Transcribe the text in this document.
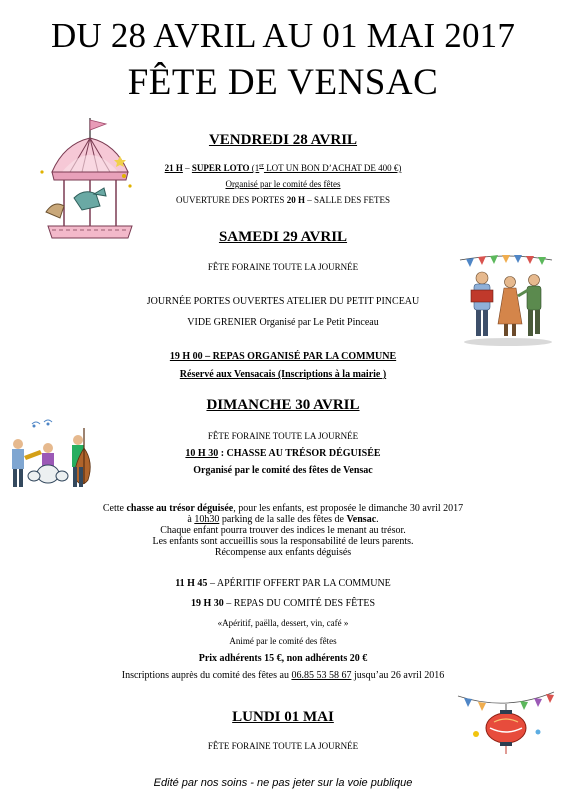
DU 28 AVRIL AU 01 MAI 2017
FÊTE DE VENSAC
VENDREDI 28 AVRIL
21 H – SUPER LOTO (1er LOT UN BON D’ACHAT DE 400 €)
Organisé par le comité des fêtes
OUVERTURE DES PORTES 20 H – SALLE DES FETES
SAMEDI 29 AVRIL
FÊTE FORAINE TOUTE LA JOURNÉE
JOURNÉE PORTES OUVERTES ATELIER DU PETIT PINCEAU
VIDE GRENIER Organisé par Le Petit Pinceau
19 H 00 – REPAS ORGANISÉ PAR LA COMMUNE
Réservé aux Vensacais (Inscriptions à la mairie )
DIMANCHE 30 AVRIL
FÊTE FORAINE TOUTE LA JOURNÉE
10 H 30 : CHASSE AU TRÉSOR DÉGUISÉE
Organisé par le comité des fêtes de Vensac
Cette chasse au trésor déguisée, pour les enfants, est proposée le dimanche 30 avril 2017
à 10h30 parking de la salle des fêtes de Vensac.
Chaque enfant pourra trouver des indices le menant au trésor.
Les enfants sont accueillis sous la responsabilité de leurs parents.
Récompense aux enfants déguisés
11 H 45 – APÉRITIF OFFERT PAR LA COMMUNE
19 H 30 – REPAS DU COMITÉ DES FÊTES
«Apéritif, paëlla, dessert, vin, café »
Animé par le comité des fêtes
Prix adhérents 15 €, non adhérents 20 €
Inscriptions auprès du comité des fêtes au 06.85 53 58 67 jusqu’au 26 avril 2016
LUNDI 01 MAI
FÊTE FORAINE TOUTE LA JOURNÉE
Edité par nos soins - ne pas jeter sur la voie publique
